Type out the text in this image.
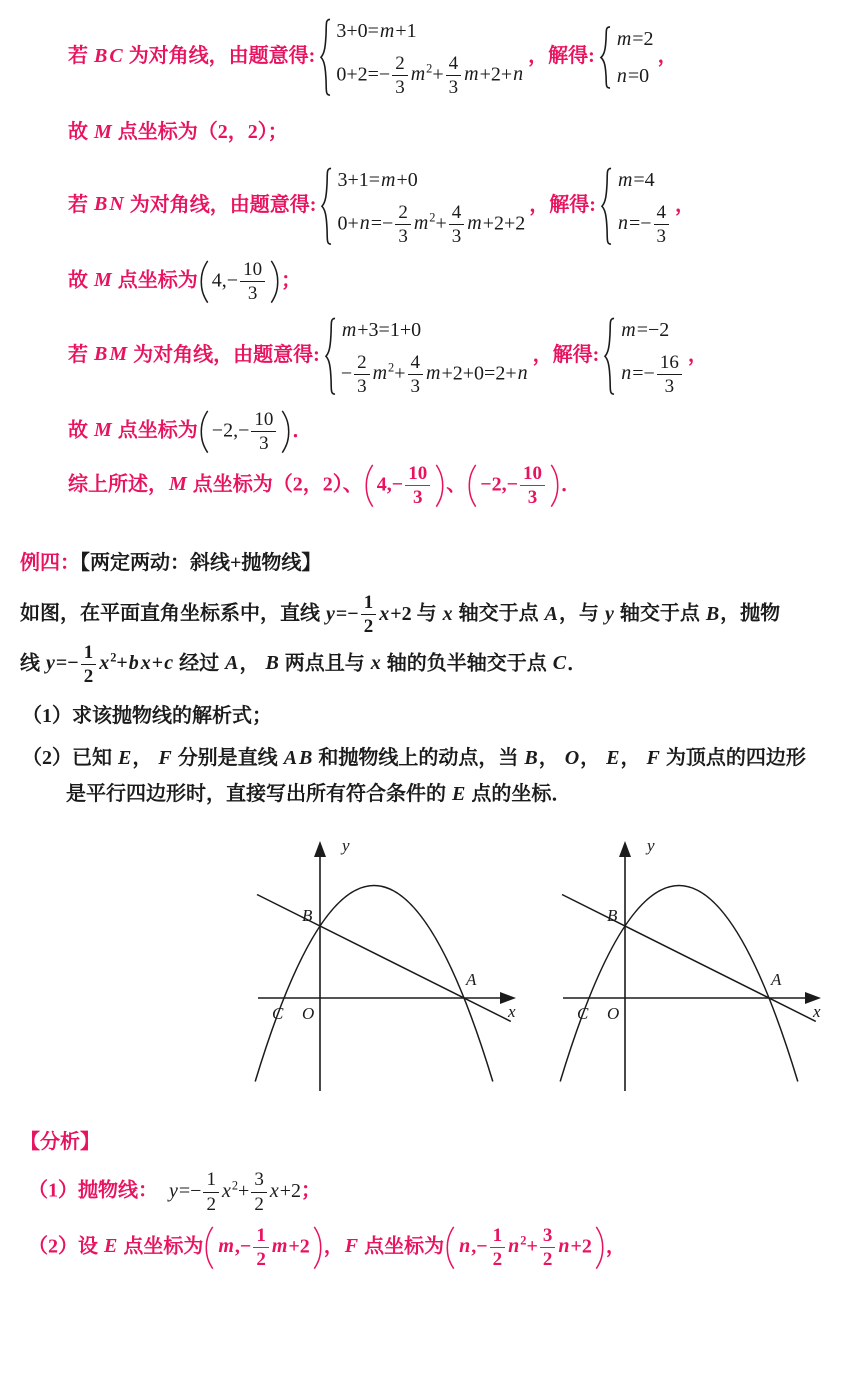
若 B C 为对角线，由题意得:
3+0=m+1
$0+2=- \frac{2}{3} m^2+ \frac{4}{3} m+2+n$
，解得:
m=2
n=0
，
故 M 点坐标为（2，2）；
若 B N 为对角线，由题意得:
3+1=m+0
$0+n=- \frac{2}{3} m^2+ \frac{4}{3} m+2+2$
，解得:
m=4
$n=- \frac{4}{3}$ ，
故 M 点坐标为 $4,- \frac{10}{3}$ ；
若 B M 为对角线，由题意得:
m+3=1+0
− $\frac{2}{3} m^2+ \frac{4}{3} m+2+0=2+n$
，解得:
m=−2
$n=- \frac{16}{3}$ ，
故 M 点坐标为 $-2,- \frac{10}{3}$ ．
综上所述，M 点坐标为（2，2）、 $4,- \frac{10}{3}$ 、 $-2,- \frac{10}{3}$ ．
例四：【两定两动：斜线+抛物线】
如图，在平面直角坐标系中，直线 $y=- \frac{1}{2} x+2$ 与 x 轴交于点 A，与 y 轴交于点 B，抛物
线 $y=- \frac{1}{2} x^2+b$ x+c 经过 A， B 两点且与 x 轴的负半轴交于点 C．
（1）求该抛物线的解析式；
（2）已知 E， F 分别是直线 A B 和抛物线上的动点，当 B， O， E， F 为顶点的四边形
是平行四边形时，直接写出所有符合条件的 E 点的坐标．
y
x
B
A
C O
y
x
B
A
C O
【分析】
（1）抛物线：  $y=- \frac{1}{2} x^2+ \frac{3}{2} x+2$；
（2）设 E 点坐标为 $m,- \frac{1}{2} m+2$ ，F 点坐标为 $n,- \frac{1}{2} n^2+ \frac{3}{2} n+2$ ，
